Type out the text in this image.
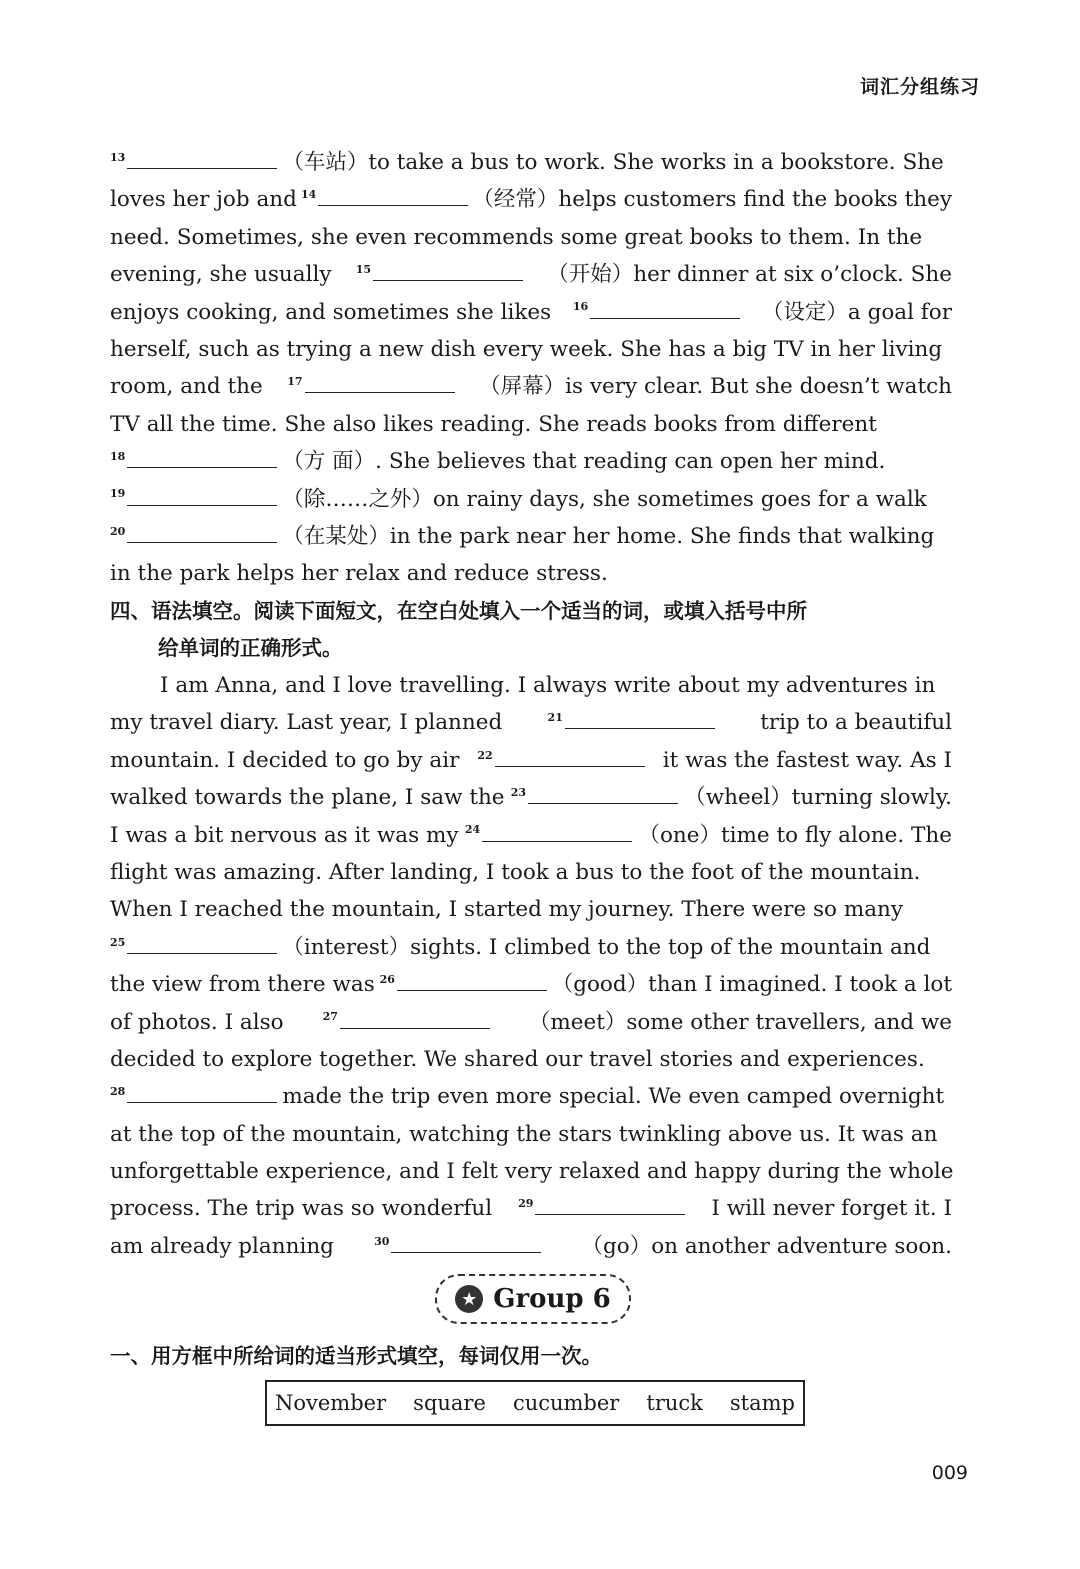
词汇分组练习
$^{13}$	（车站）to take a bus to work. She works in a bookstore. She
loves her job and $^{14}$	（经常）helps customers find the books they
need. Sometimes, she even recommends some great books to them. In the
evening, she usually $^{15}$	（开始）her dinner at six o’clock. She
enjoys cooking, and sometimes she likes $^{16}$	（设定）a goal for
herself, such as trying a new dish every week. She has a big TV in her living
room, and the $^{17}$	（屏幕）is very clear. But she doesn’t watch
TV all the time. She also likes reading. She reads books from different
$^{18}$	（方 面）. She believes that reading can open her mind.
$^{19}$	（除……之外）on rainy days, she sometimes goes for a walk
$^{20}$	（在某处）in the park near her home. She finds that walking
in the park helps her relax and reduce stress.
四、语法填空。阅读下面短文，在空白处填入一个适当的词，或填入括号中所
给单词的正确形式。
I am Anna, and I love travelling. I always write about my adventures in
my travel diary. Last year, I planned	$^{21}$	trip to a beautiful
mountain. I decided to go by air $^{22}$	it was the fastest way. As I
walked towards the plane, I saw the $^{23}$	（wheel）turning slowly.
I was a bit nervous as it was my $^{24}$	（one）time to fly alone. The
flight was amazing. After landing, I took a bus to the foot of the mountain.
When I reached the mountain, I started my journey. There were so many
$^{25}$	（interest）sights. I climbed to the top of the mountain and
the view from there was $^{26}$	（good）than I imagined. I took a lot
of photos. I also	$^{27}$	（meet）some other travellers, and we
decided to explore together. We shared our travel stories and experiences.
$^{28}$	made the trip even more special. We even camped overnight
at the top of the mountain, watching the stars twinkling above us. It was an
unforgettable experience, and I felt very relaxed and happy during the whole
process. The trip was so wonderful $^{29}$	I will never forget it. I
am already planning	$^{30}$	（go）on another adventure soon.
★ Group 6
一、用方框中所给词的适当形式填空，每词仅用一次。
November square cucumber truck stamp
009
